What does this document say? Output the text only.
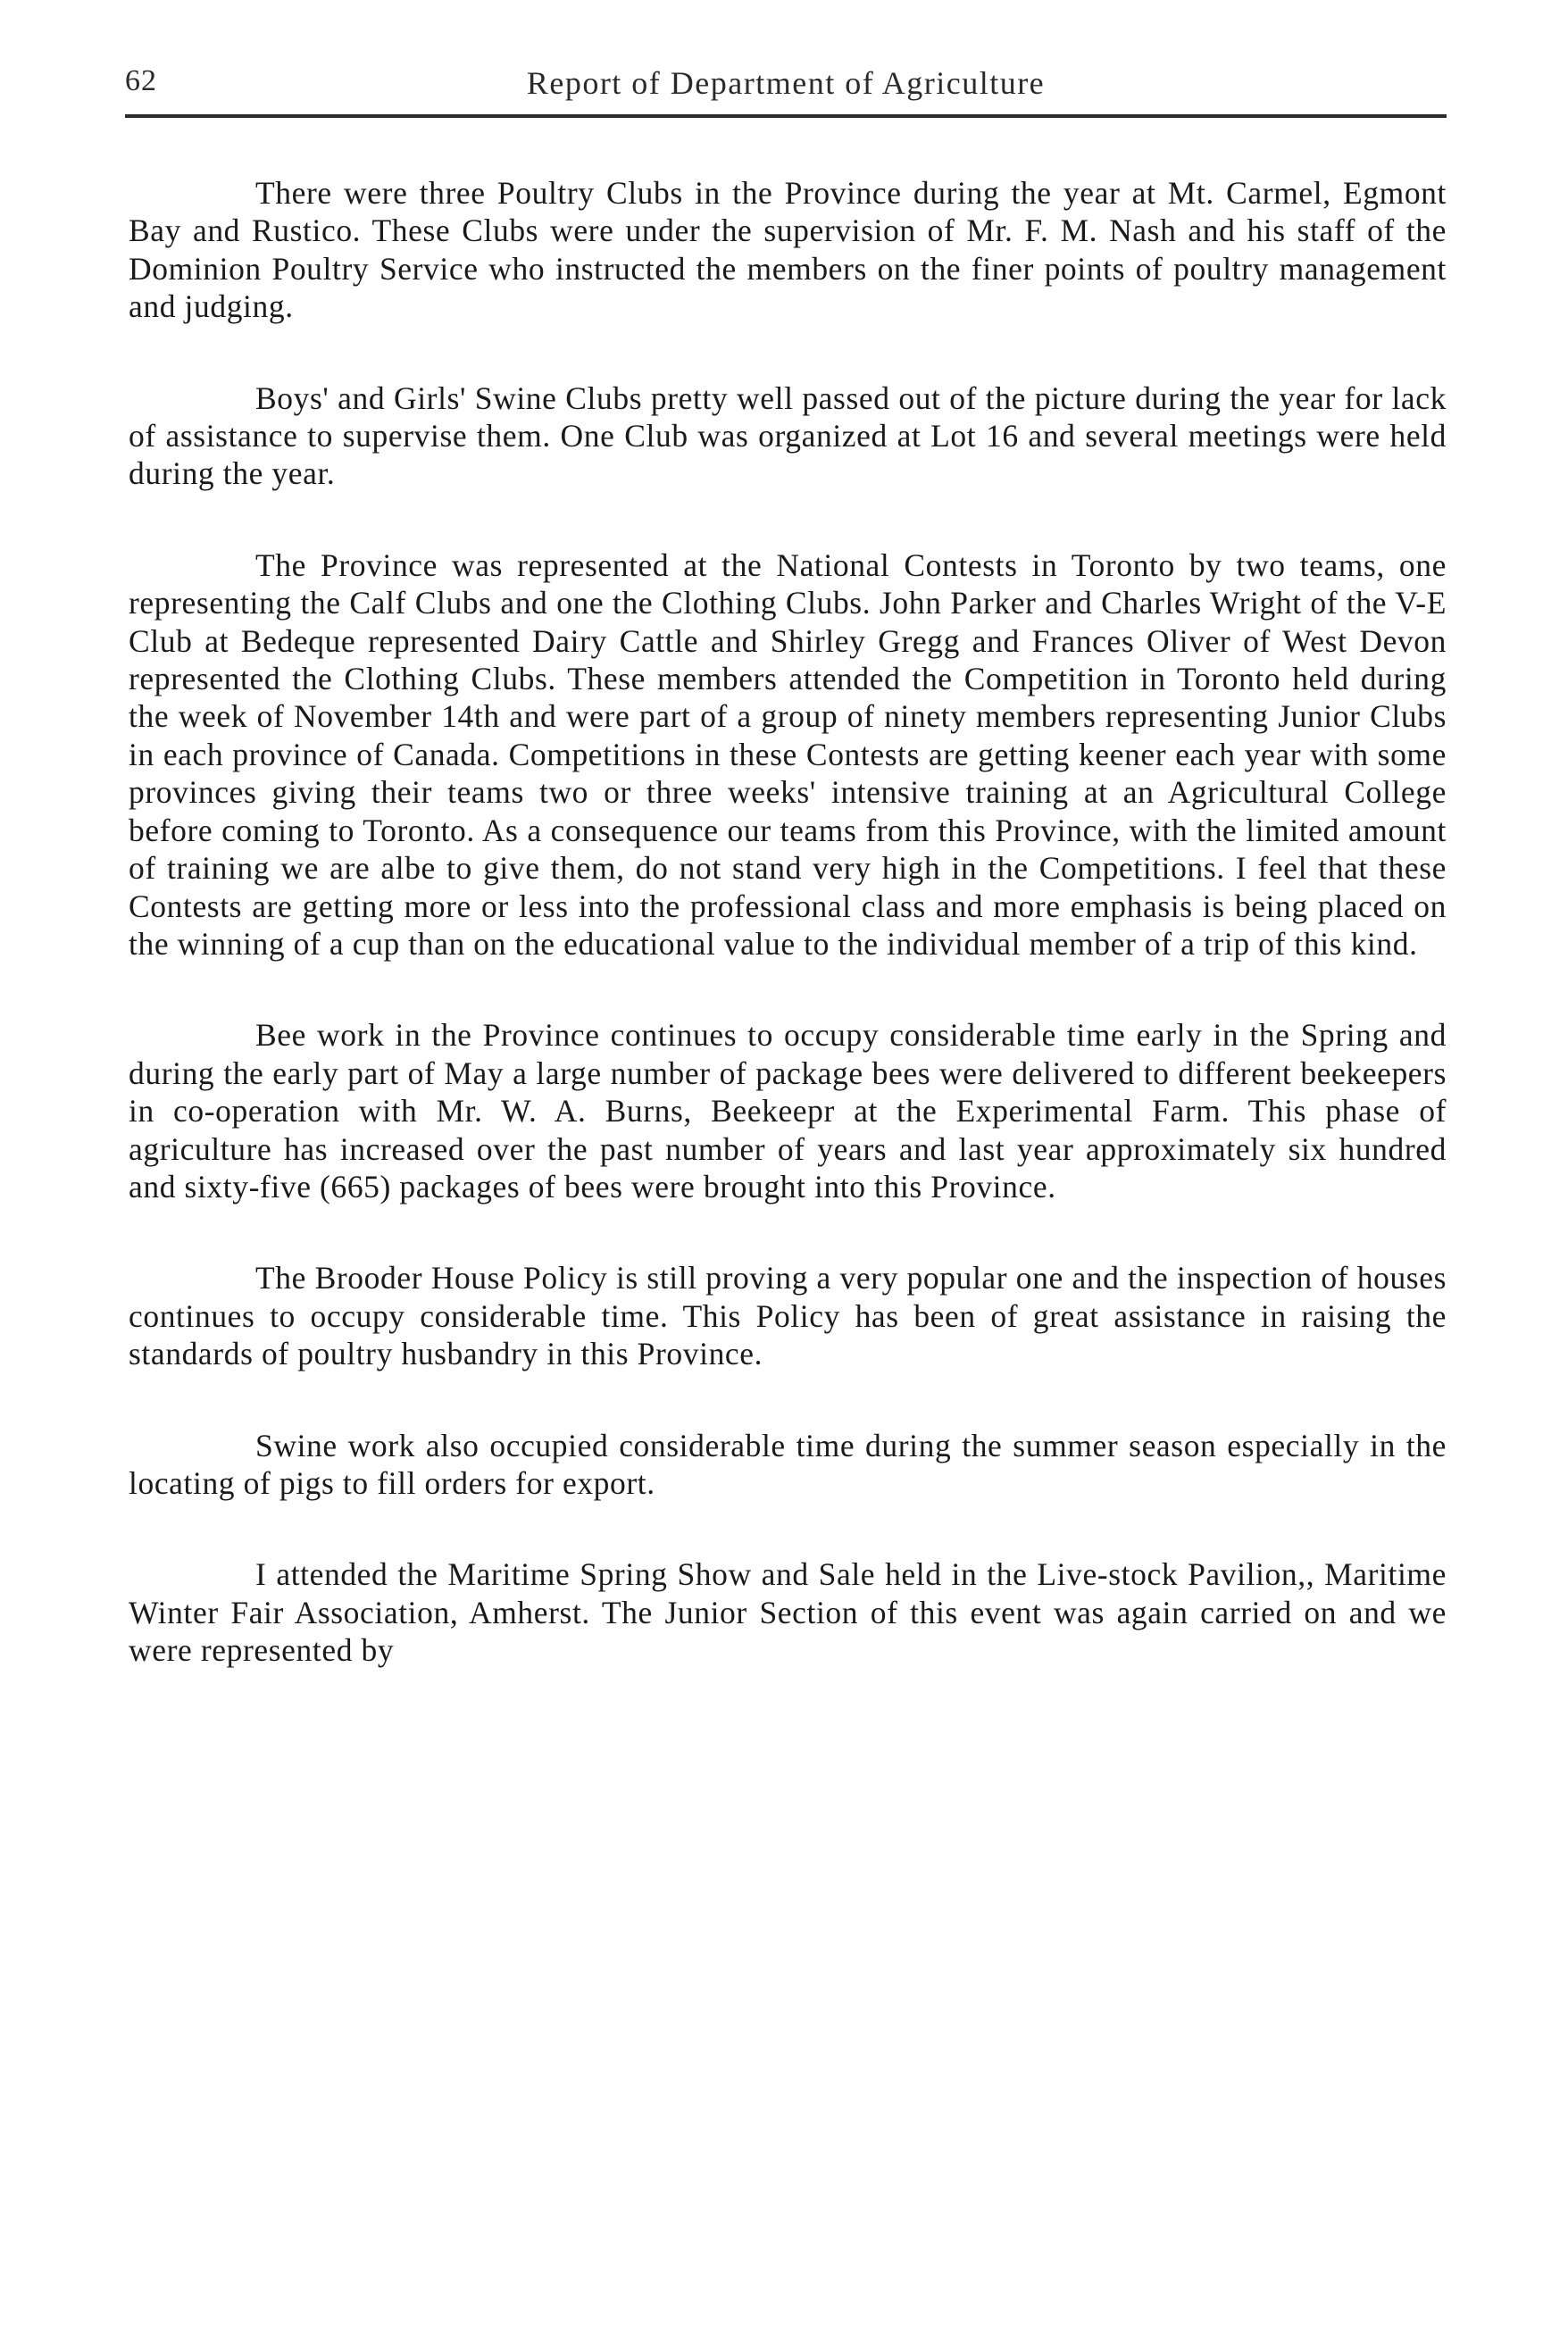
62	Report of Department of Agriculture

There were three Poultry Clubs in the Province during the year at Mt. Carmel, Egmont Bay and Rustico. These Clubs were under the supervision of Mr. F. M. Nash and his staff of the Dominion Poultry Service who instructed the members on the finer points of poultry management and judging.

Boys' and Girls' Swine Clubs pretty well passed out of the picture during the year for lack of assistance to supervise them. One Club was organized at Lot 16 and several meetings were held during the year.

The Province was represented at the National Contests in Toronto by two teams, one representing the Calf Clubs and one the Clothing Clubs. John Parker and Charles Wright of the V-E Club at Bedeque represented Dairy Cattle and Shirley Gregg and Frances Oliver of West Devon represented the Clothing Clubs. These members attended the Competition in Toronto held during the week of November 14th and were part of a group of ninety members representing Junior Clubs in each province of Canada. Competitions in these Contests are getting keener each year with some provinces giving their teams two or three weeks' intensive training at an Agricultural College before coming to Toronto. As a consequence our teams from this Province, with the limited amount of training we are albe to give them, do not stand very high in the Competitions. I feel that these Contests are getting more or less into the professional class and more emphasis is being placed on the winning of a cup than on the educational value to the individual member of a trip of this kind.

Bee work in the Province continues to occupy considerable time early in the Spring and during the early part of May a large number of package bees were delivered to different beekeepers in co-operation with Mr. W. A. Burns, Beekeepr at the Experimental Farm. This phase of agriculture has increased over the past number of years and last year approximately six hundred and sixty-five (665) packages of bees were brought into this Province.

The Brooder House Policy is still proving a very popular one and the inspection of houses continues to occupy considerable time. This Policy has been of great assistance in raising the standards of poultry husbandry in this Province.

Swine work also occupied considerable time during the summer season especially in the locating of pigs to fill orders for export.

I attended the Maritime Spring Show and Sale held in the Live-stock Pavilion,, Maritime Winter Fair Association, Amherst. The Junior Section of this event was again carried on and we were represented by
